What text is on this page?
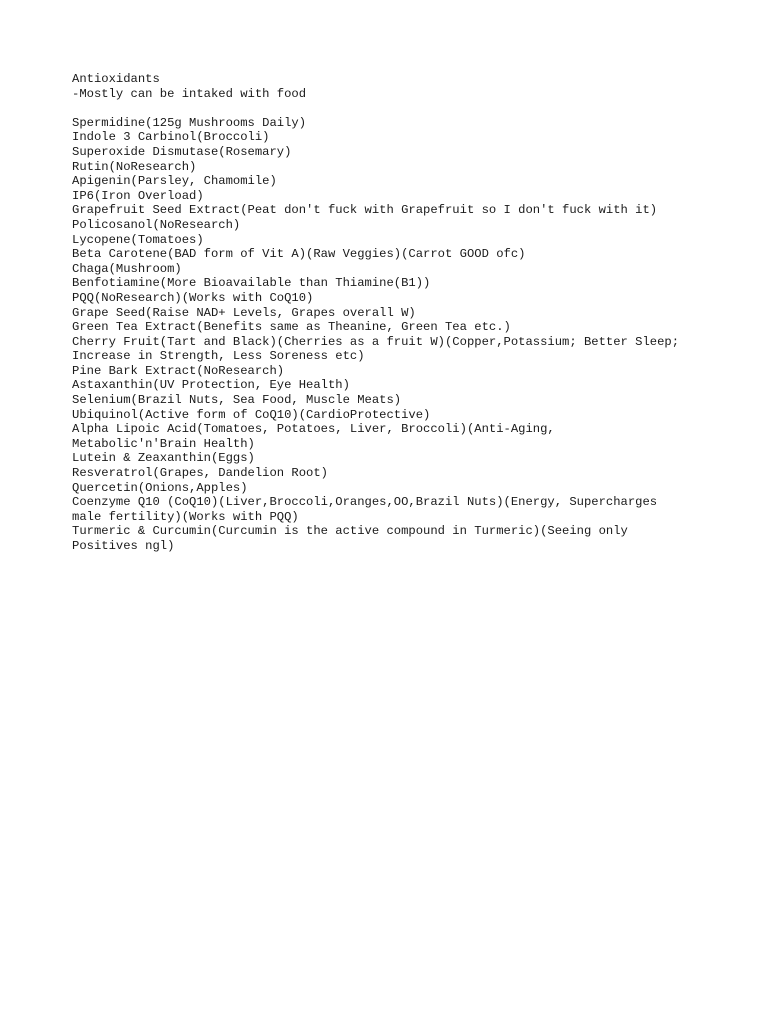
Antioxidants
-Mostly can be intaked with food
Spermidine(125g Mushrooms Daily)
Indole 3 Carbinol(Broccoli)
Superoxide Dismutase(Rosemary)
Rutin(NoResearch)
Apigenin(Parsley, Chamomile)
IP6(Iron Overload)
Grapefruit Seed Extract(Peat don't fuck with Grapefruit so I don't fuck with it)
Policosanol(NoResearch)
Lycopene(Tomatoes)
Beta Carotene(BAD form of Vit A)(Raw Veggies)(Carrot GOOD ofc)
Chaga(Mushroom)
Benfotiamine(More Bioavailable than Thiamine(B1))
PQQ(NoResearch)(Works with CoQ10)
Grape Seed(Raise NAD+ Levels, Grapes overall W)
Green Tea Extract(Benefits same as Theanine, Green Tea etc.)
Cherry Fruit(Tart and Black)(Cherries as a fruit W)(Copper,Potassium; Better Sleep;
Increase in Strength, Less Soreness etc)
Pine Bark Extract(NoResearch)
Astaxanthin(UV Protection, Eye Health)
Selenium(Brazil Nuts, Sea Food, Muscle Meats)
Ubiquinol(Active form of CoQ10)(CardioProtective)
Alpha Lipoic Acid(Tomatoes, Potatoes, Liver, Broccoli)(Anti-Aging,
Metabolic'n'Brain Health)
Lutein & Zeaxanthin(Eggs)
Resveratrol(Grapes, Dandelion Root)
Quercetin(Onions,Apples)
Coenzyme Q10 (CoQ10)(Liver,Broccoli,Oranges,OO,Brazil Nuts)(Energy, Supercharges
male fertility)(Works with PQQ)
Turmeric & Curcumin(Curcumin is the active compound in Turmeric)(Seeing only
Positives ngl)
